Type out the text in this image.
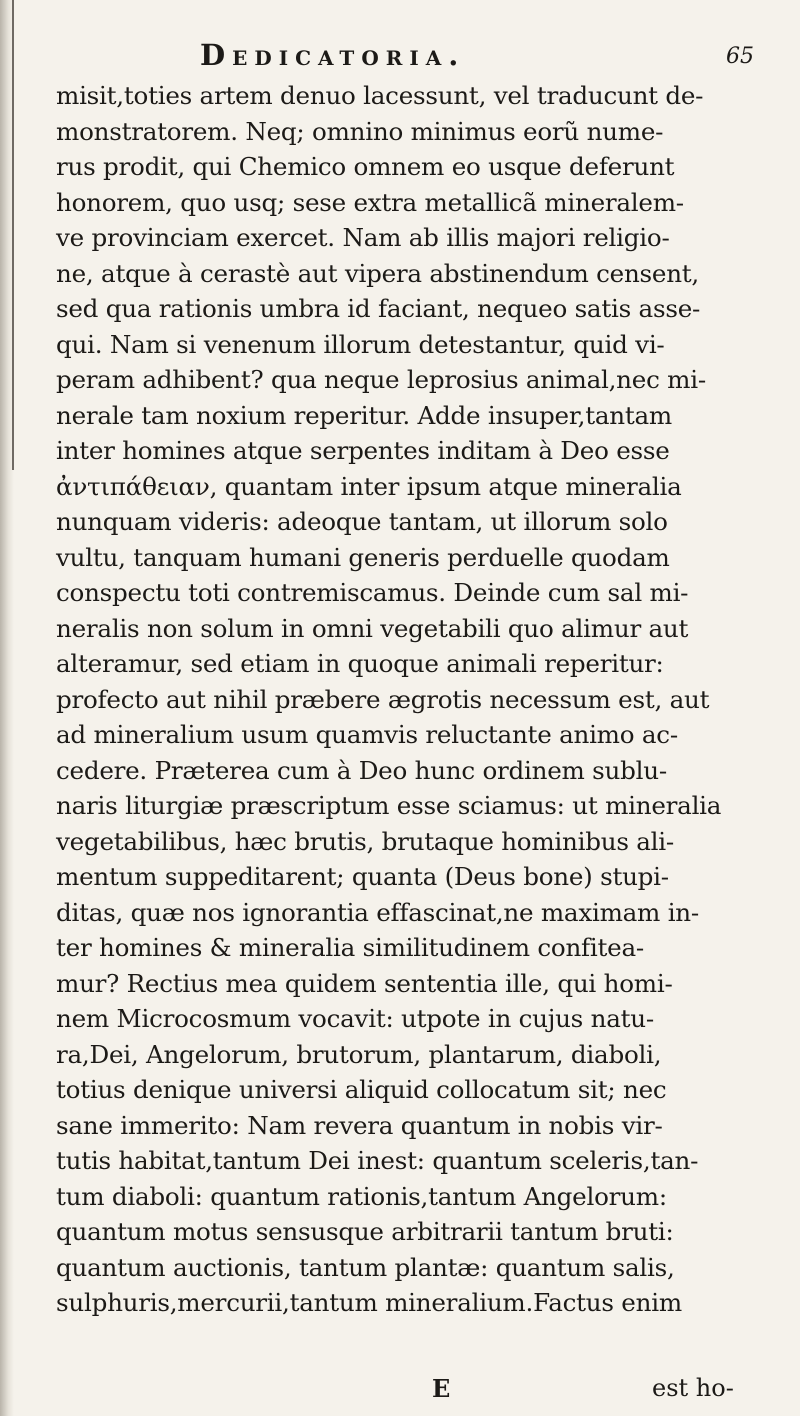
Dedicatoria.	65
misit,toties artem denuo lacessunt, vel traducunt de-
monstratorem. Neq; omnino minimus eorũ nume-
rus prodit, qui Chemico omnem eo usque deferunt
honorem, quo usq; sese extra metallicã mineralem-
ve provinciam exercet. Nam ab illis majori religio-
ne, atque à cerastè aut vipera abstinendum censent,
sed qua rationis umbra id faciant, nequeo satis asse-
qui. Nam si venenum illorum detestantur, quid vi-
peram adhibent? qua neque leprosius animal,nec mi-
nerale tam noxium reperitur. Adde insuper,tantam
inter homines atque serpentes inditam à Deo esse
ἀντιπάθειαν, quantam inter ipsum atque mineralia
nunquam videris: adeoque tantam, ut illorum solo
vultu, tanquam humani generis perduelle quodam
conspectu toti contremiscamus. Deinde cum sal mi-
neralis non solum in omni vegetabili quo alimur aut
alteramur, sed etiam in quoque animali reperitur:
profecto aut nihil præbere ægrotis necessum est, aut
ad mineralium usum quamvis reluctante animo ac-
cedere. Præterea cum à Deo hunc ordinem sublu-
naris liturgiæ præscriptum esse sciamus: ut mineralia
vegetabilibus, hæc brutis, brutaque hominibus ali-
mentum suppeditarent; quanta (Deus bone) stupi-
ditas, quæ nos ignorantia effascinat,ne maximam in-
ter homines & mineralia similitudinem confitea-
mur? Rectius mea quidem sententia ille, qui homi-
nem Microcosmum vocavit: utpote in cujus natu-
ra,Dei, Angelorum, brutorum, plantarum, diaboli,
totius denique universi aliquid collocatum sit; nec
sane immerito: Nam revera quantum in nobis vir-
tutis habitat,tantum Dei inest: quantum sceleris,tan-
tum diaboli: quantum rationis,tantum Angelorum:
quantum motus sensusque arbitrarii tantum bruti:
quantum auctionis, tantum plantæ: quantum salis,
sulphuris,mercurii,tantum mineralium.Factus enim
E	est ho-
